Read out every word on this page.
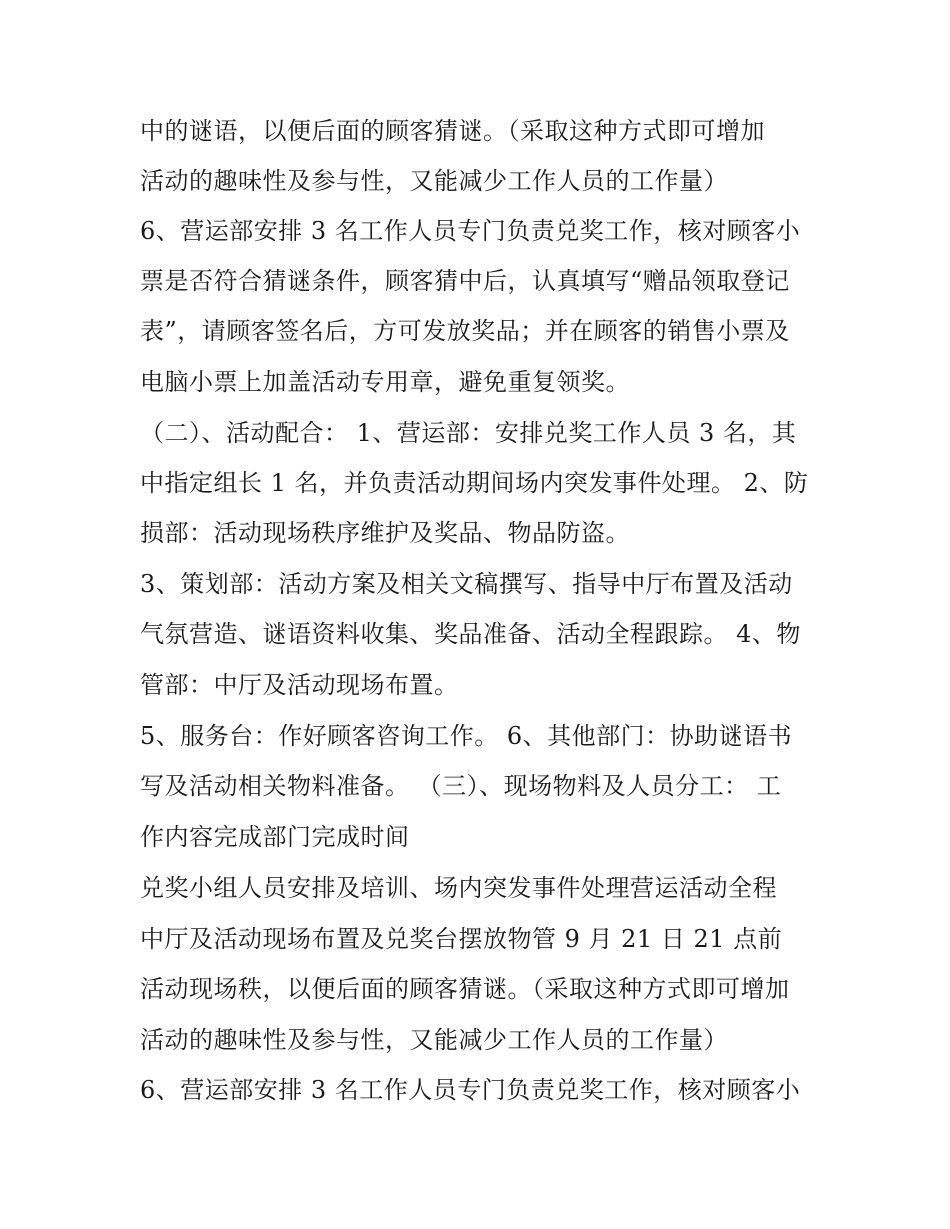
中的谜语，以便后面的顾客猜谜。（采取这种方式即可增加
活动的趣味性及参与性，又能减少工作人员的工作量）
6、营运部安排 3 名工作人员专门负责兑奖工作，核对顾客小
票是否符合猜谜条件，顾客猜中后，认真填写“赠品领取登记
表”，请顾客签名后，方可发放奖品；并在顾客的销售小票及
电脑小票上加盖活动专用章，避免重复领奖。
（二）、活动配合： 1、营运部：安排兑奖工作人员 3 名，其
中指定组长 1 名，并负责活动期间场内突发事件处理。 2、防
损部：活动现场秩序维护及奖品、物品防盗。
3、策划部：活动方案及相关文稿撰写、指导中厅布置及活动
气氛营造、谜语资料收集、奖品准备、活动全程跟踪。 4、物
管部：中厅及活动现场布置。
5、服务台：作好顾客咨询工作。 6、其他部门：协助谜语书
写及活动相关物料准备。 （三）、现场物料及人员分工： 工
作内容完成部门完成时间
兑奖小组人员安排及培训、场内突发事件处理营运活动全程
中厅及活动现场布置及兑奖台摆放物管 9 月 21 日 21 点前
活动现场秩，以便后面的顾客猜谜。（采取这种方式即可增加
活动的趣味性及参与性，又能减少工作人员的工作量）
6、营运部安排 3 名工作人员专门负责兑奖工作，核对顾客小
